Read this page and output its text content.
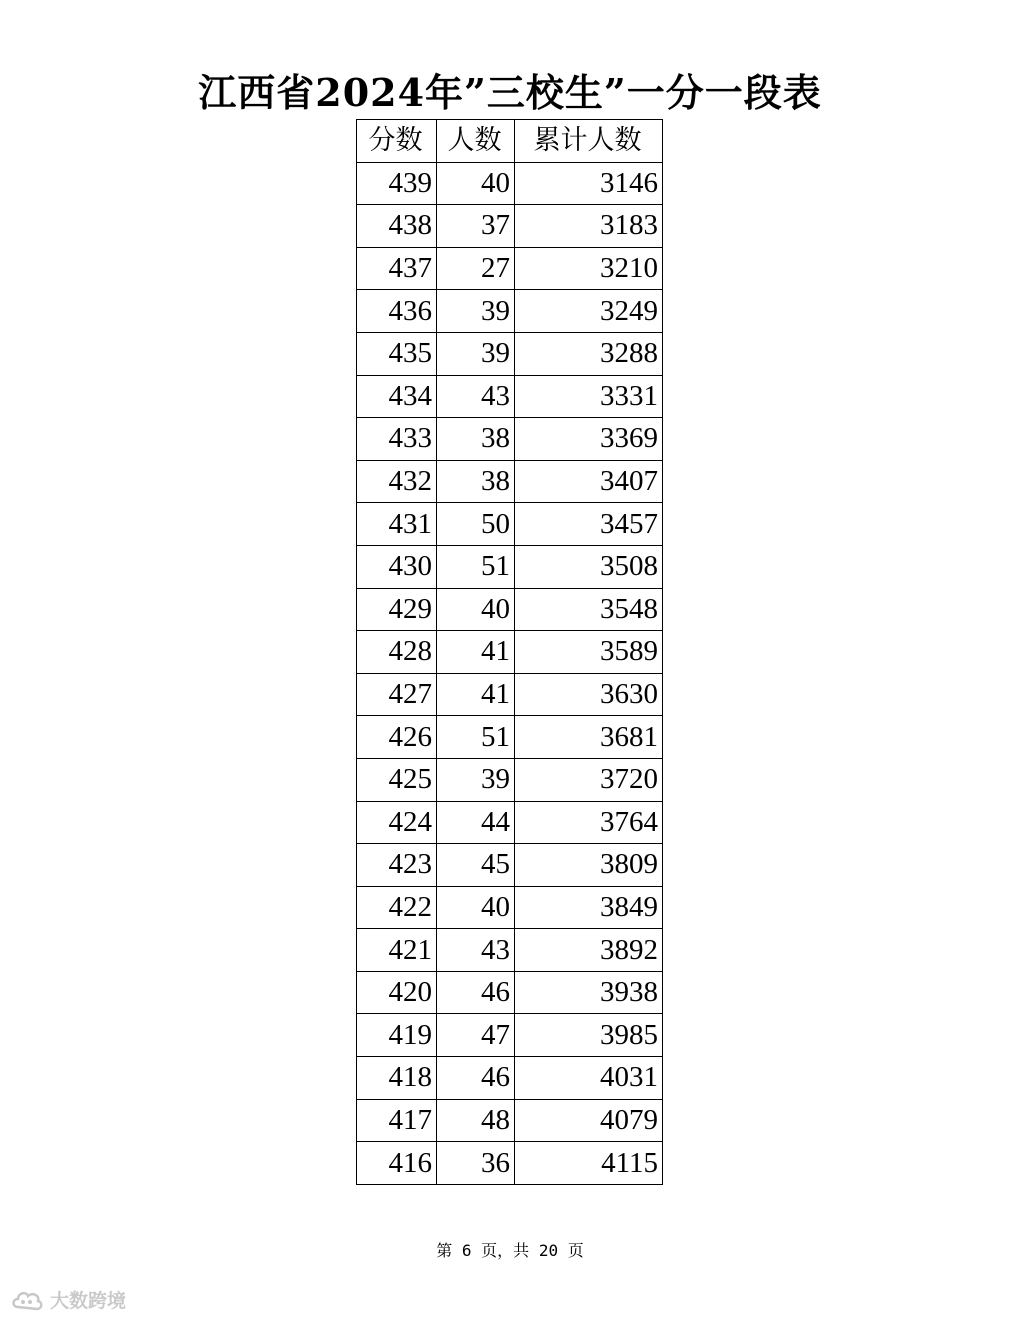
江西省2024年”三校生”一分一段表
分数	人数	累计人数
439	40	3146
438	37	3183
437	27	3210
436	39	3249
435	39	3288
434	43	3331
433	38	3369
432	38	3407
431	50	3457
430	51	3508
429	40	3548
428	41	3589
427	41	3630
426	51	3681
425	39	3720
424	44	3764
423	45	3809
422	40	3849
421	43	3892
420	46	3938
419	47	3985
418	46	4031
417	48	4079
416	36	4115
第 6 页，共 20 页
大数跨境
